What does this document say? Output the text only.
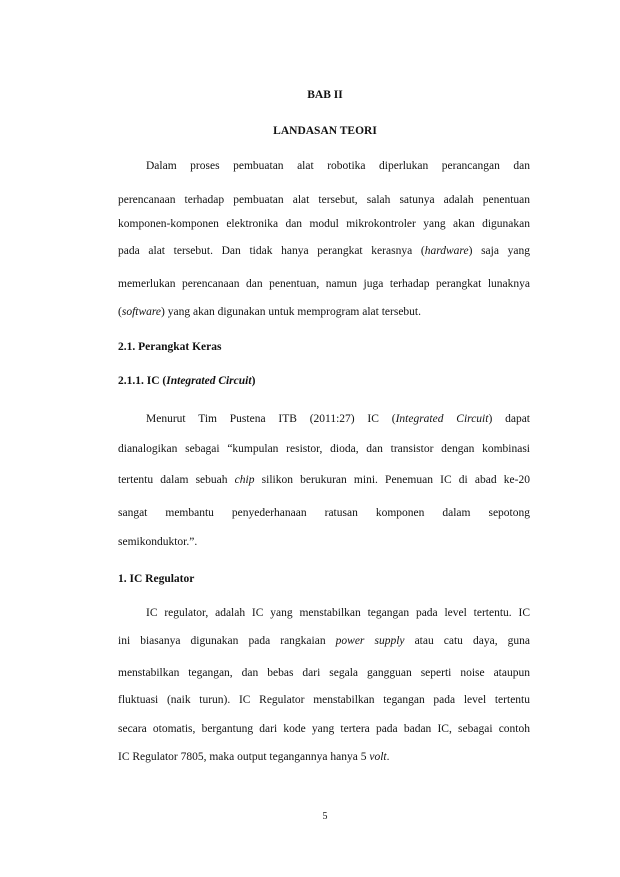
BAB II
LANDASAN TEORI
Dalam proses pembuatan alat robotika diperlukan perancangan dan
perencanaan terhadap pembuatan alat tersebut, salah satunya adalah penentuan
komponen-komponen elektronika dan modul mikrokontroler yang akan digunakan
pada alat tersebut. Dan tidak hanya perangkat kerasnya (hardware) saja yang
memerlukan perencanaan dan penentuan, namun juga terhadap perangkat lunaknya
(software) yang akan digunakan untuk memprogram alat tersebut.
2.1. Perangkat Keras
2.1.1. IC (Integrated Circuit)
Menurut Tim Pustena ITB (2011:27) IC (Integrated Circuit) dapat
dianalogikan sebagai “kumpulan resistor, dioda, dan transistor dengan kombinasi
tertentu dalam sebuah chip silikon berukuran mini. Penemuan IC di abad ke-20
sangat membantu penyederhanaan ratusan komponen dalam sepotong
semikonduktor.”.
1. IC Regulator
IC regulator, adalah IC yang menstabilkan tegangan pada level tertentu. IC
ini biasanya digunakan pada rangkaian power supply atau catu daya, guna
menstabilkan tegangan, dan bebas dari segala gangguan seperti noise ataupun
fluktuasi (naik turun). IC Regulator menstabilkan tegangan pada level tertentu
secara otomatis, bergantung dari kode yang tertera pada badan IC, sebagai contoh
IC Regulator 7805, maka output tegangannya hanya 5 volt.
5
